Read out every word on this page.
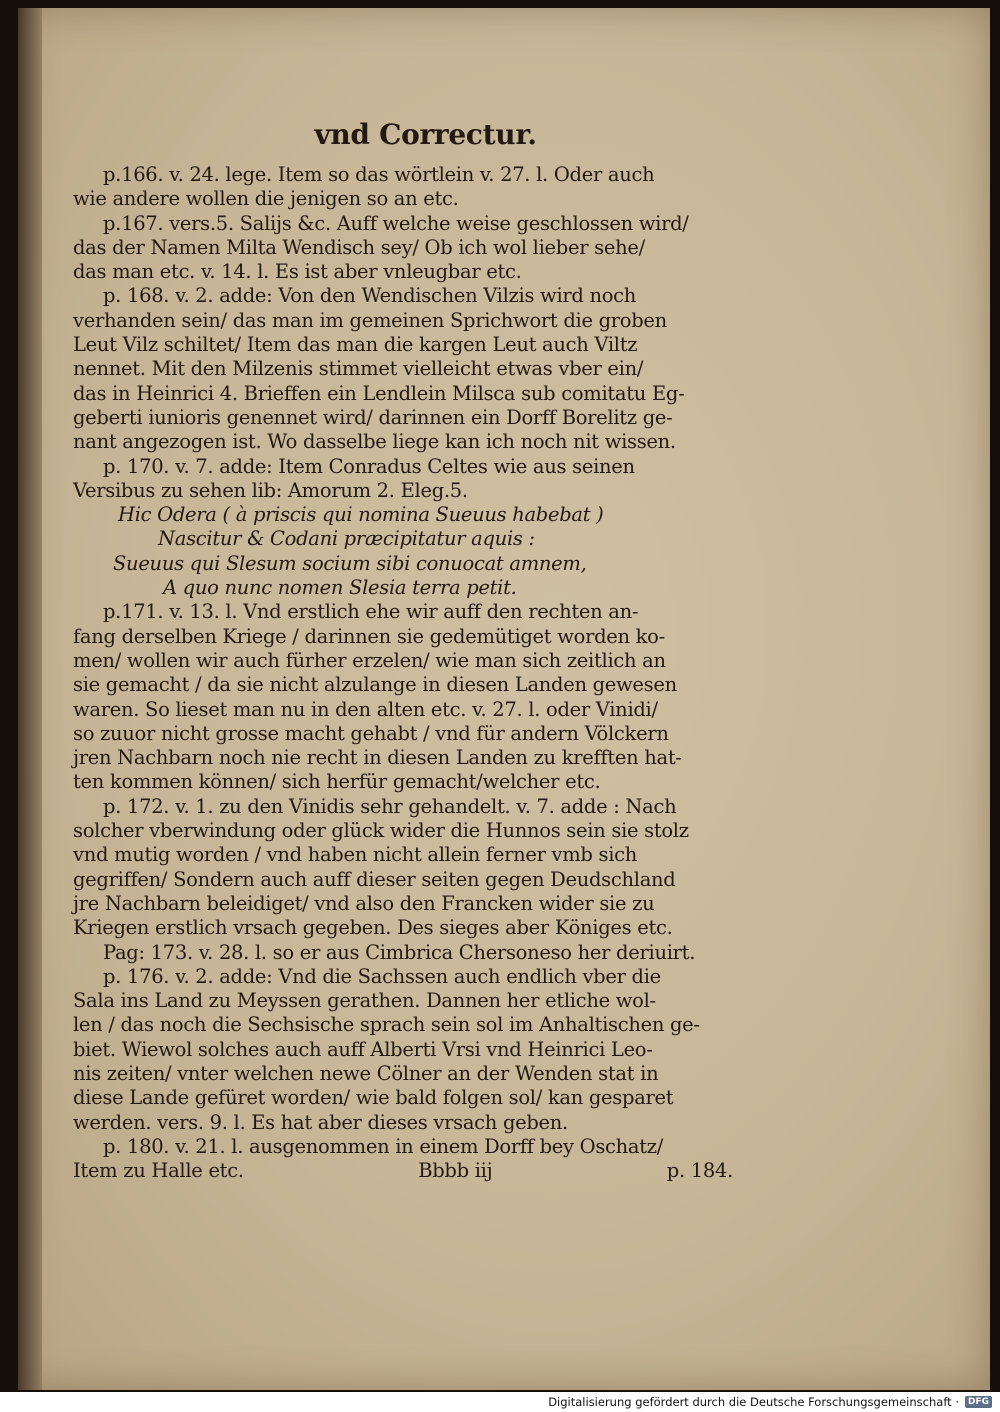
vnd Correctur.
p.166. v. 24. lege. Item so das wörtlein v. 27. l. Oder auch
wie andere wollen die jenigen so an etc.
p.167. vers.5. Salijs &c. Auff welche weise geschlossen wird/
das der Namen Milta Wendisch sey/ Ob ich wol lieber sehe/
das man etc. v. 14. l. Es ist aber vnleugbar etc.
p. 168. v. 2. adde: Von den Wendischen Vilzis wird noch
verhanden sein/ das man im gemeinen Sprichwort die groben
Leut Vilz schiltet/ Item das man die kargen Leut auch Viltz
nennet. Mit den Milzenis stimmet vielleicht etwas vber ein/
das in Heinrici 4. Brieffen ein Lendlein Milsca sub comitatu Eg-
geberti iunioris genennet wird/ darinnen ein Dorff Borelitz ge-
nant angezogen ist. Wo dasselbe liege kan ich noch nit wissen.
p. 170. v. 7. adde: Item Conradus Celtes wie aus seinen
Versibus zu sehen lib: Amorum 2. Eleg.5.
Hic Odera ( à priscis qui nomina Sueuus habebat )
Nascitur & Codani præcipitatur aquis :
Sueuus qui Slesum socium sibi conuocat amnem,
A quo nunc nomen Slesia terra petit.
p.171. v. 13. l. Vnd erstlich ehe wir auff den rechten an-
fang derselben Kriege / darinnen sie gedemütiget worden ko-
men/ wollen wir auch fürher erzelen/ wie man sich zeitlich an
sie gemacht / da sie nicht alzulange in diesen Landen gewesen
waren. So lieset man nu in den alten etc. v. 27. l. oder Vinidi/
so zuuor nicht grosse macht gehabt / vnd für andern Völckern
jren Nachbarn noch nie recht in diesen Landen zu krefften hat-
ten kommen können/ sich herfür gemacht/welcher etc.
p. 172. v. 1. zu den Vinidis sehr gehandelt. v. 7. adde : Nach
solcher vberwindung oder glück wider die Hunnos sein sie stolz
vnd mutig worden / vnd haben nicht allein ferner vmb sich
gegriffen/ Sondern auch auff dieser seiten gegen Deudschland
jre Nachbarn beleidiget/ vnd also den Francken wider sie zu
Kriegen erstlich vrsach gegeben. Des sieges aber Königes etc.
Pag: 173. v. 28. l. so er aus Cimbrica Chersoneso her deriuirt.
p. 176. v. 2. adde: Vnd die Sachssen auch endlich vber die
Sala ins Land zu Meyssen gerathen. Dannen her etliche wol-
len / das noch die Sechsische sprach sein sol im Anhaltischen ge-
biet. Wiewol solches auch auff Alberti Vrsi vnd Heinrici Leo-
nis zeiten/ vnter welchen newe Cölner an der Wenden stat in
diese Lande gefüret worden/ wie bald folgen sol/ kan gesparet
werden. vers. 9. l. Es hat aber dieses vrsach geben.
p. 180. v. 21. l. ausgenommen in einem Dorff bey Oschatz/
Item zu Halle etc.	Bbbb iij	p. 184.
Digitalisierung gefördert durch die Deutsche Forschungsgemeinschaft ·	DFG
